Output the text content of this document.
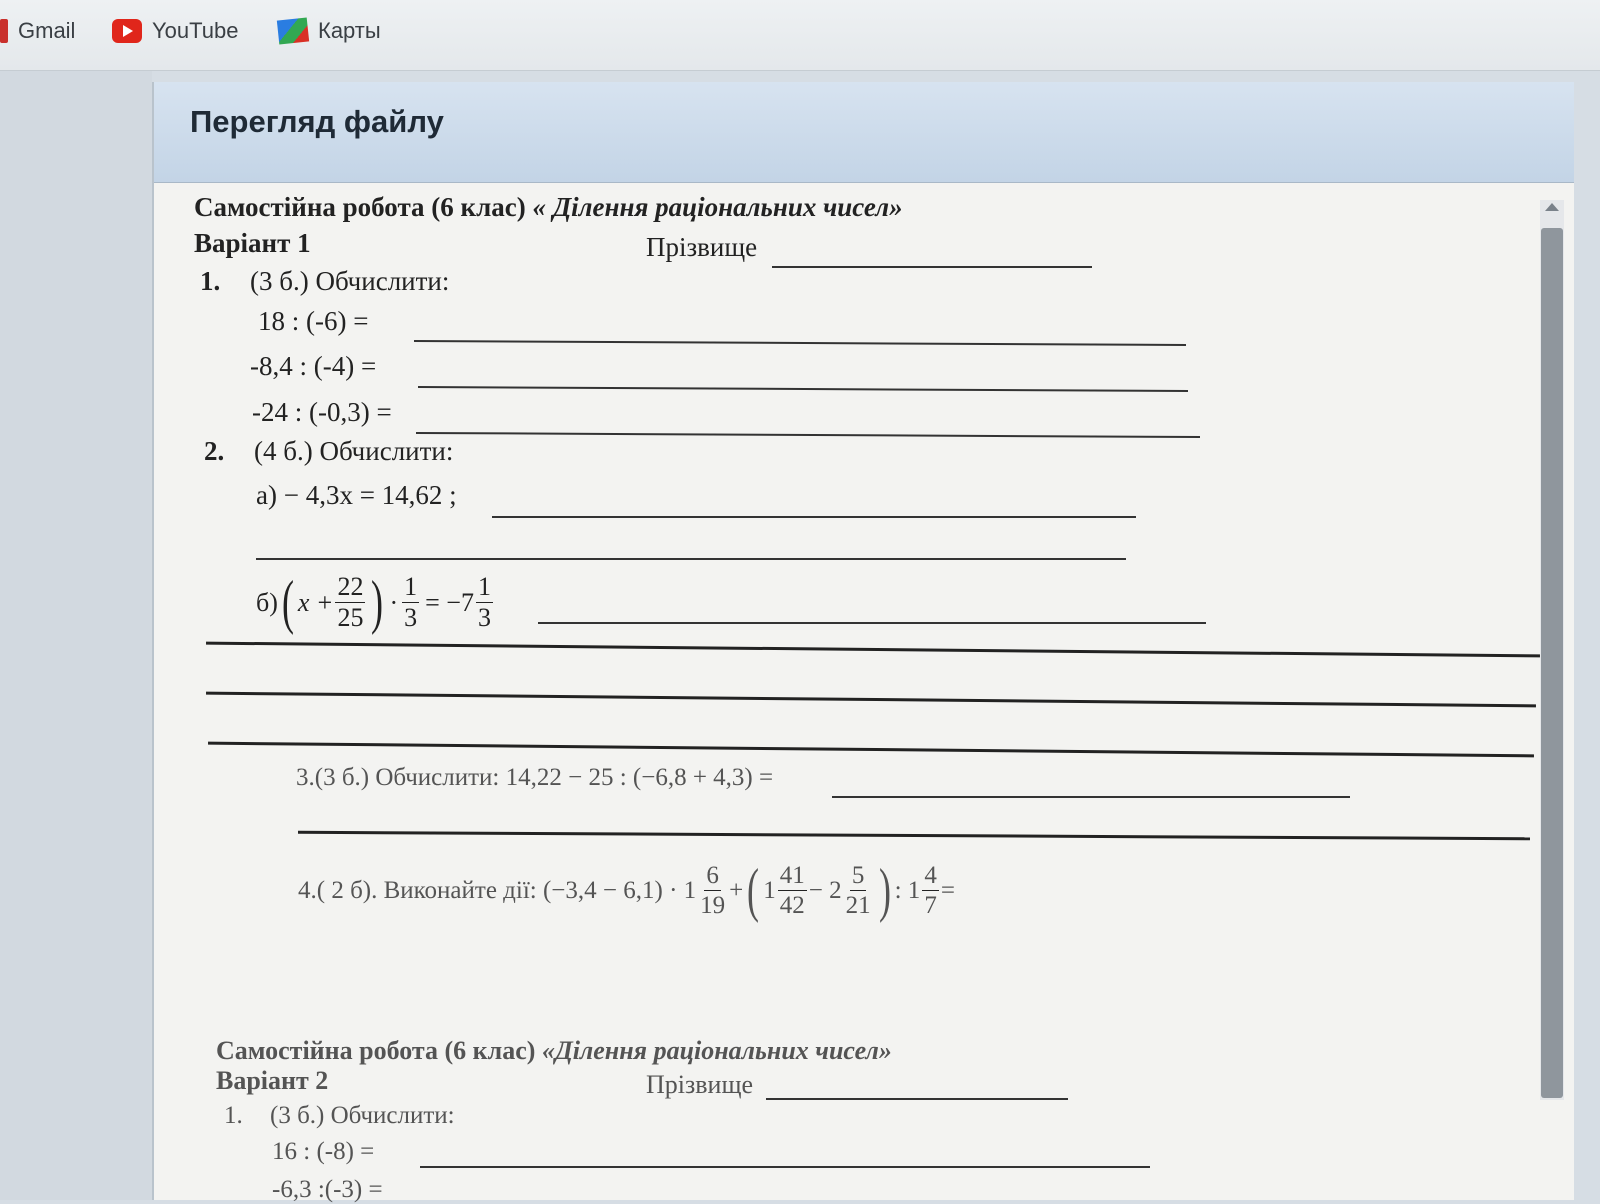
Gmail	YouTube	Карты
Перегляд файлу
Самостійна робота (6 клас) « Ділення раціональних чисел»
Варіант 1	Прізвище
1. (3 б.) Обчислити:
18 : (-6) =
-8,4 : (-4) =
-24 : (-0,3) =
2. (4 б.) Обчислити:
а) − 4,3x = 14,62 ;
б) ( $x + \frac{22}{25}$ ) · $\frac{1}{3} = -7 \frac{1}{3}$
3.(3 б.) Обчислити: 14,22 − 25 : (−6,8 + 4,3) =
4.( 2 б). Виконайте дії: $(-3,4 - 6,1) \cdot 1 \frac{6}{19}$ + ( $1 \frac{41}{42} - 2 \frac{5}{21}$ ) : $1 \frac{4}{7}$ =
Самостійна робота (6 клас) «Ділення раціональних чисел»
Варіант 2	Прізвище
1. (3 б.) Обчислити:
16 : (-8) =
-6,3 :(-3) =
